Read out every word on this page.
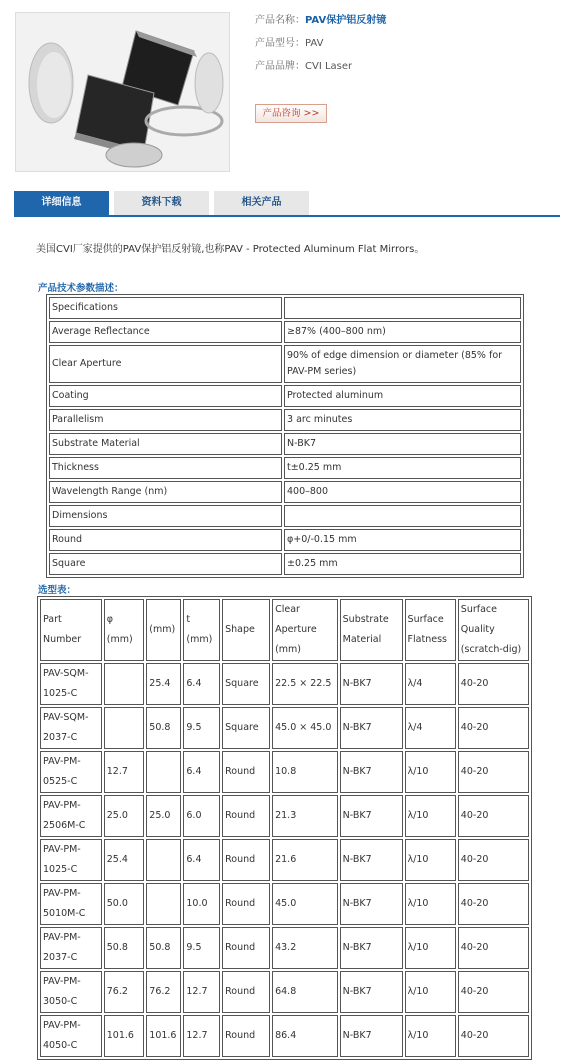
产品名称：PAV保护铝反射镜
产品型号：PAV
产品品牌：CVI Laser
产品咨询 >>
详细信息	资料下载	相关产品
美国CVI厂家提供的PAV保护铝反射镜,也称PAV - Protected Aluminum Flat Mirrors。
产品技术参数描述：
Specifications	
Average Reflectance	≥87% (400–800 nm)
Clear Aperture	90% of edge dimension or diameter (85% for PAV-PM series)
Coating	Protected aluminum
Parallelism	3 arc minutes
Substrate Material	N-BK7
Thickness	t±0.25 mm
Wavelength Range (nm)	400–800
Dimensions	
Round	φ+0/-0.15 mm
Square	±0.25 mm
选型表：
Part Number	φ (mm)	(mm)	t (mm)	Shape	Clear Aperture (mm)	Substrate Material	Surface Flatness	Surface Quality (scratch-dig)
PAV-SQM-1025-C		25.4	6.4	Square	22.5 × 22.5	N-BK7	λ/4	40-20
PAV-SQM-2037-C		50.8	9.5	Square	45.0 × 45.0	N-BK7	λ/4	40-20
PAV-PM-0525-C	12.7		6.4	Round	10.8	N-BK7	λ/10	40-20
PAV-PM-2506M-C	25.0	25.0	6.0	Round	21.3	N-BK7	λ/10	40-20
PAV-PM-1025-C	25.4		6.4	Round	21.6	N-BK7	λ/10	40-20
PAV-PM-5010M-C	50.0		10.0	Round	45.0	N-BK7	λ/10	40-20
PAV-PM-2037-C	50.8	50.8	9.5	Round	43.2	N-BK7	λ/10	40-20
PAV-PM-3050-C	76.2	76.2	12.7	Round	64.8	N-BK7	λ/10	40-20
PAV-PM-4050-C	101.6	101.6	12.7	Round	86.4	N-BK7	λ/10	40-20
